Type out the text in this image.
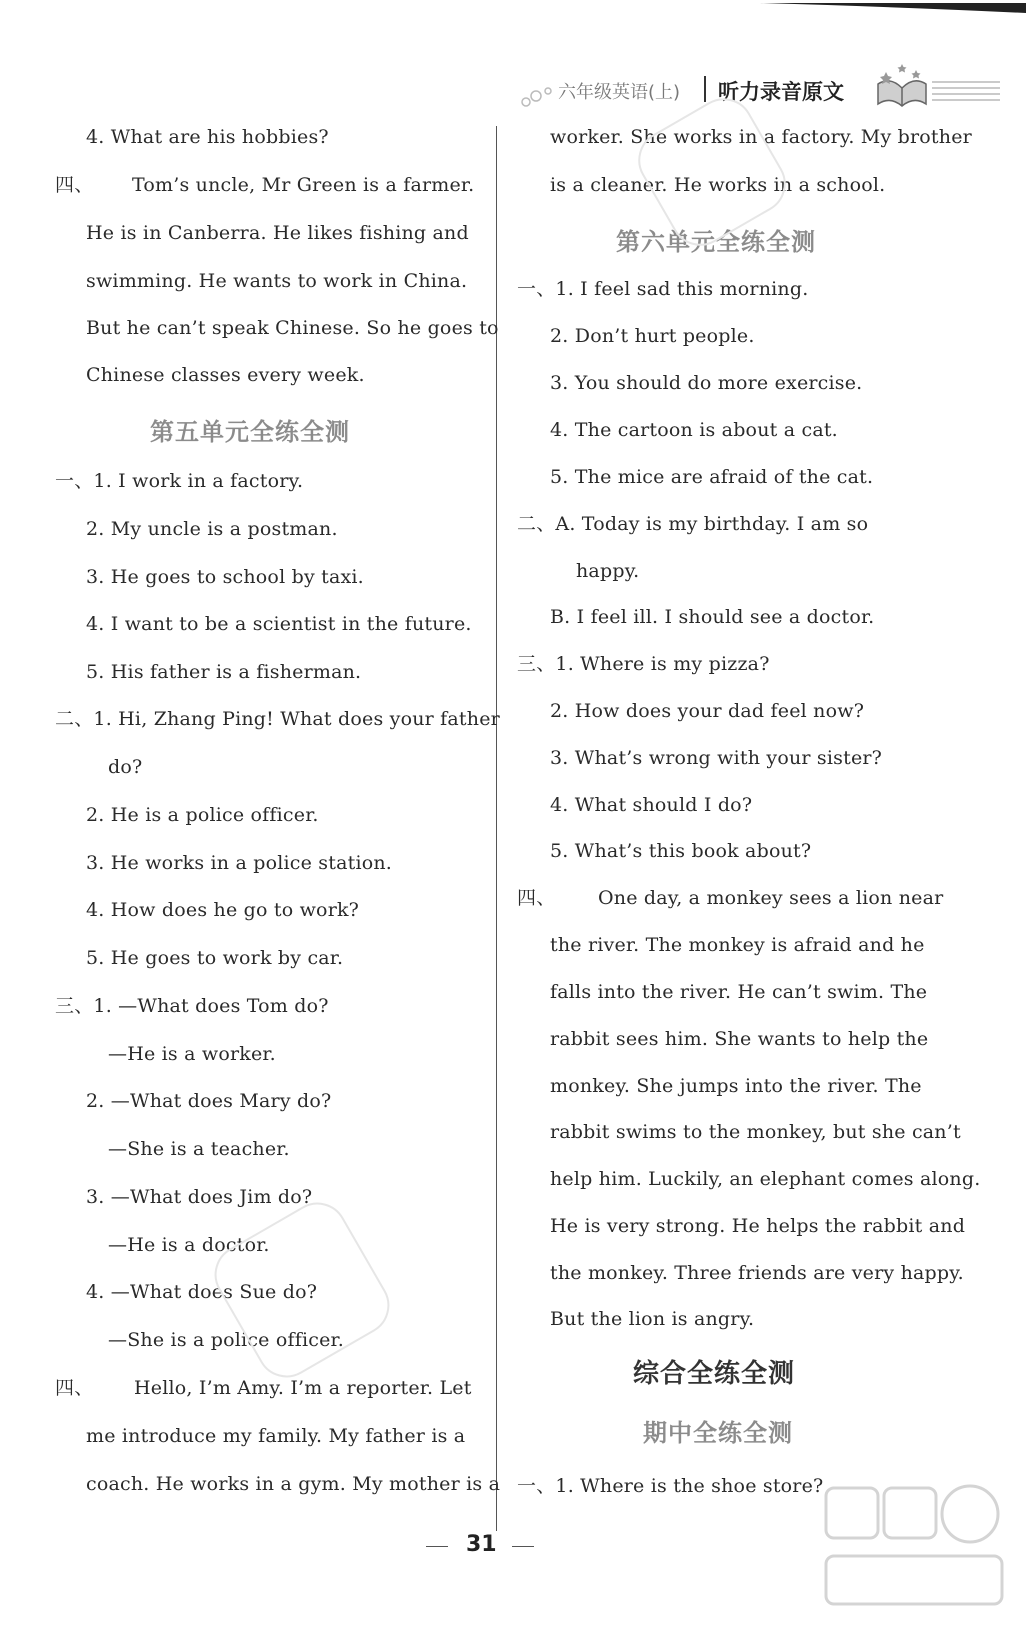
六年级英语(上) 听力录音原文
4. What are his hobbies?
四、 Tom’s uncle, Mr Green is a farmer.
He is in Canberra. He likes fishing and
swimming. He wants to work in China.
But he can’t speak Chinese. So he goes to
Chinese classes every week.
一、1. I work in a factory.
2. My uncle is a postman.
3. He goes to school by taxi.
4. I want to be a scientist in the future.
5. His father is a fisherman.
二、1. Hi, Zhang Ping! What does your father
do?
2. He is a police officer.
3. He works in a police station.
4. How does he go to work?
5. He goes to work by car.
三、1. —What does Tom do?
—He is a worker.
2. —What does Mary do?
—She is a teacher.
3. —What does Jim do?
—He is a doctor.
4. —What does Sue do?
—She is a police officer.
四、 Hello, I’m Amy. I’m a reporter. Let
me introduce my family. My father is a
coach. He works in a gym. My mother is a
第五单元全练全测
worker. She works in a factory. My brother
is a cleaner. He works in a school.
一、1. I feel sad this morning.
2. Don’t hurt people.
3. You should do more exercise.
4. The cartoon is about a cat.
5. The mice are afraid of the cat.
二、A. Today is my birthday. I am so
happy.
B. I feel ill. I should see a doctor.
三、1. Where is my pizza?
2. How does your dad feel now?
3. What’s wrong with your sister?
4. What should I do?
5. What’s this book about?
四、 One day, a monkey sees a lion near
the river. The monkey is afraid and he
falls into the river. He can’t swim. The
rabbit sees him. She wants to help the
monkey. She jumps into the river. The
rabbit swims to the monkey, but she can’t
help him. Luckily, an elephant comes along.
He is very strong. He helps the rabbit and
the monkey. Three friends are very happy.
But the lion is angry.
一、1. Where is the shoe store?
第六单元全练全测
综合全练全测
期中全练全测
31
